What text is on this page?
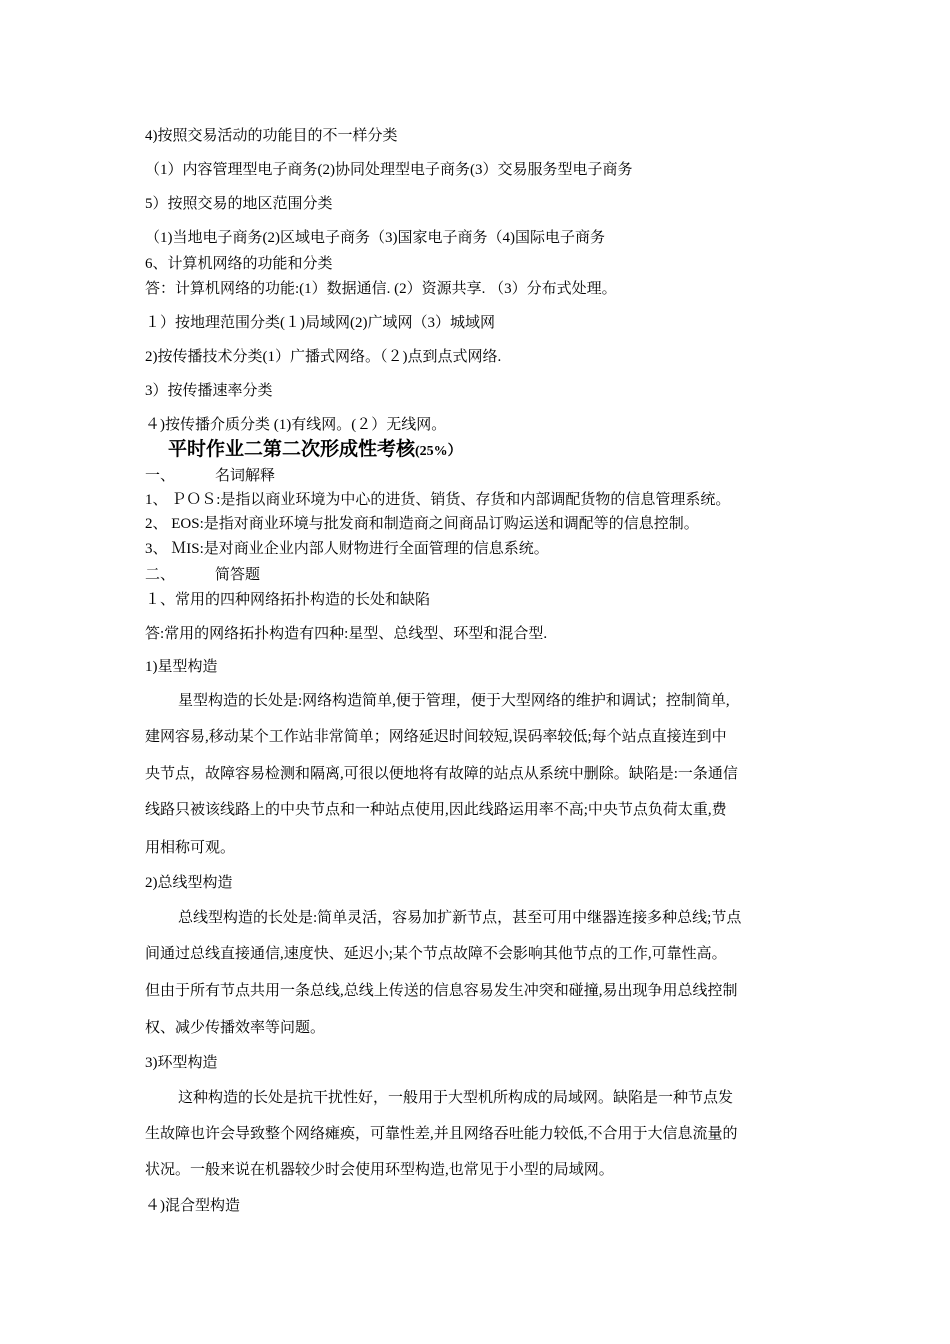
4)按照交易活动的功能目的不一样分类
（1）内容管理型电子商务(2)协同处理型电子商务(3）交易服务型电子商务
5）按照交易的地区范围分类
（1)当地电子商务(2)区域电子商务（3)国家电子商务（4)国际电子商务
6、计算机网络的功能和分类
答：计算机网络的功能:(1）数据通信. (2）资源共享. （3）分布式处理。
１）按地理范围分类(１)局域网(2)广域网（3）城域网
2)按传播技术分类(1）广播式网络。（２)点到点式网络.
3）按传播速率分类
４)按传播介质分类 (1)有线网。(２）无线网。
平时作业二第二次形成性考核(25%）
一、	名词解释
1、 ＰＯＳ:是指以商业环境为中心的进货、销货、存货和内部调配货物的信息管理系统。
2、 EOS:是指对商业环境与批发商和制造商之间商品订购运送和调配等的信息控制。
3、 ＭIS:是对商业企业内部人财物进行全面管理的信息系统。
二、	简答题
１、常用的四种网络拓扑构造的长处和缺陷
答:常用的网络拓扑构造有四种:星型、总线型、环型和混合型.
1)星型构造
星型构造的长处是:网络构造简单,便于管理，便于大型网络的维护和调试；控制简单,
建网容易,移动某个工作站非常简单；网络延迟时间较短,误码率较低;每个站点直接连到中
央节点，故障容易检测和隔离,可很以便地将有故障的站点从系统中删除。缺陷是:一条通信
线路只被该线路上的中央节点和一种站点使用,因此线路运用率不高;中央节点负荷太重,费
用相称可观。
2)总线型构造
总线型构造的长处是:简单灵活，容易加扩新节点，甚至可用中继器连接多种总线;节点
间通过总线直接通信,速度快、延迟小;某个节点故障不会影响其他节点的工作,可靠性高。
但由于所有节点共用一条总线,总线上传送的信息容易发生冲突和碰撞,易出现争用总线控制
权、减少传播效率等问题。
3)环型构造
这种构造的长处是抗干扰性好，一般用于大型机所构成的局域网。缺陷是一种节点发
生故障也许会导致整个网络瘫痪，可靠性差,并且网络吞吐能力较低,不合用于大信息流量的
状况。一般来说在机器较少时会使用环型构造,也常见于小型的局域网。
４)混合型构造
